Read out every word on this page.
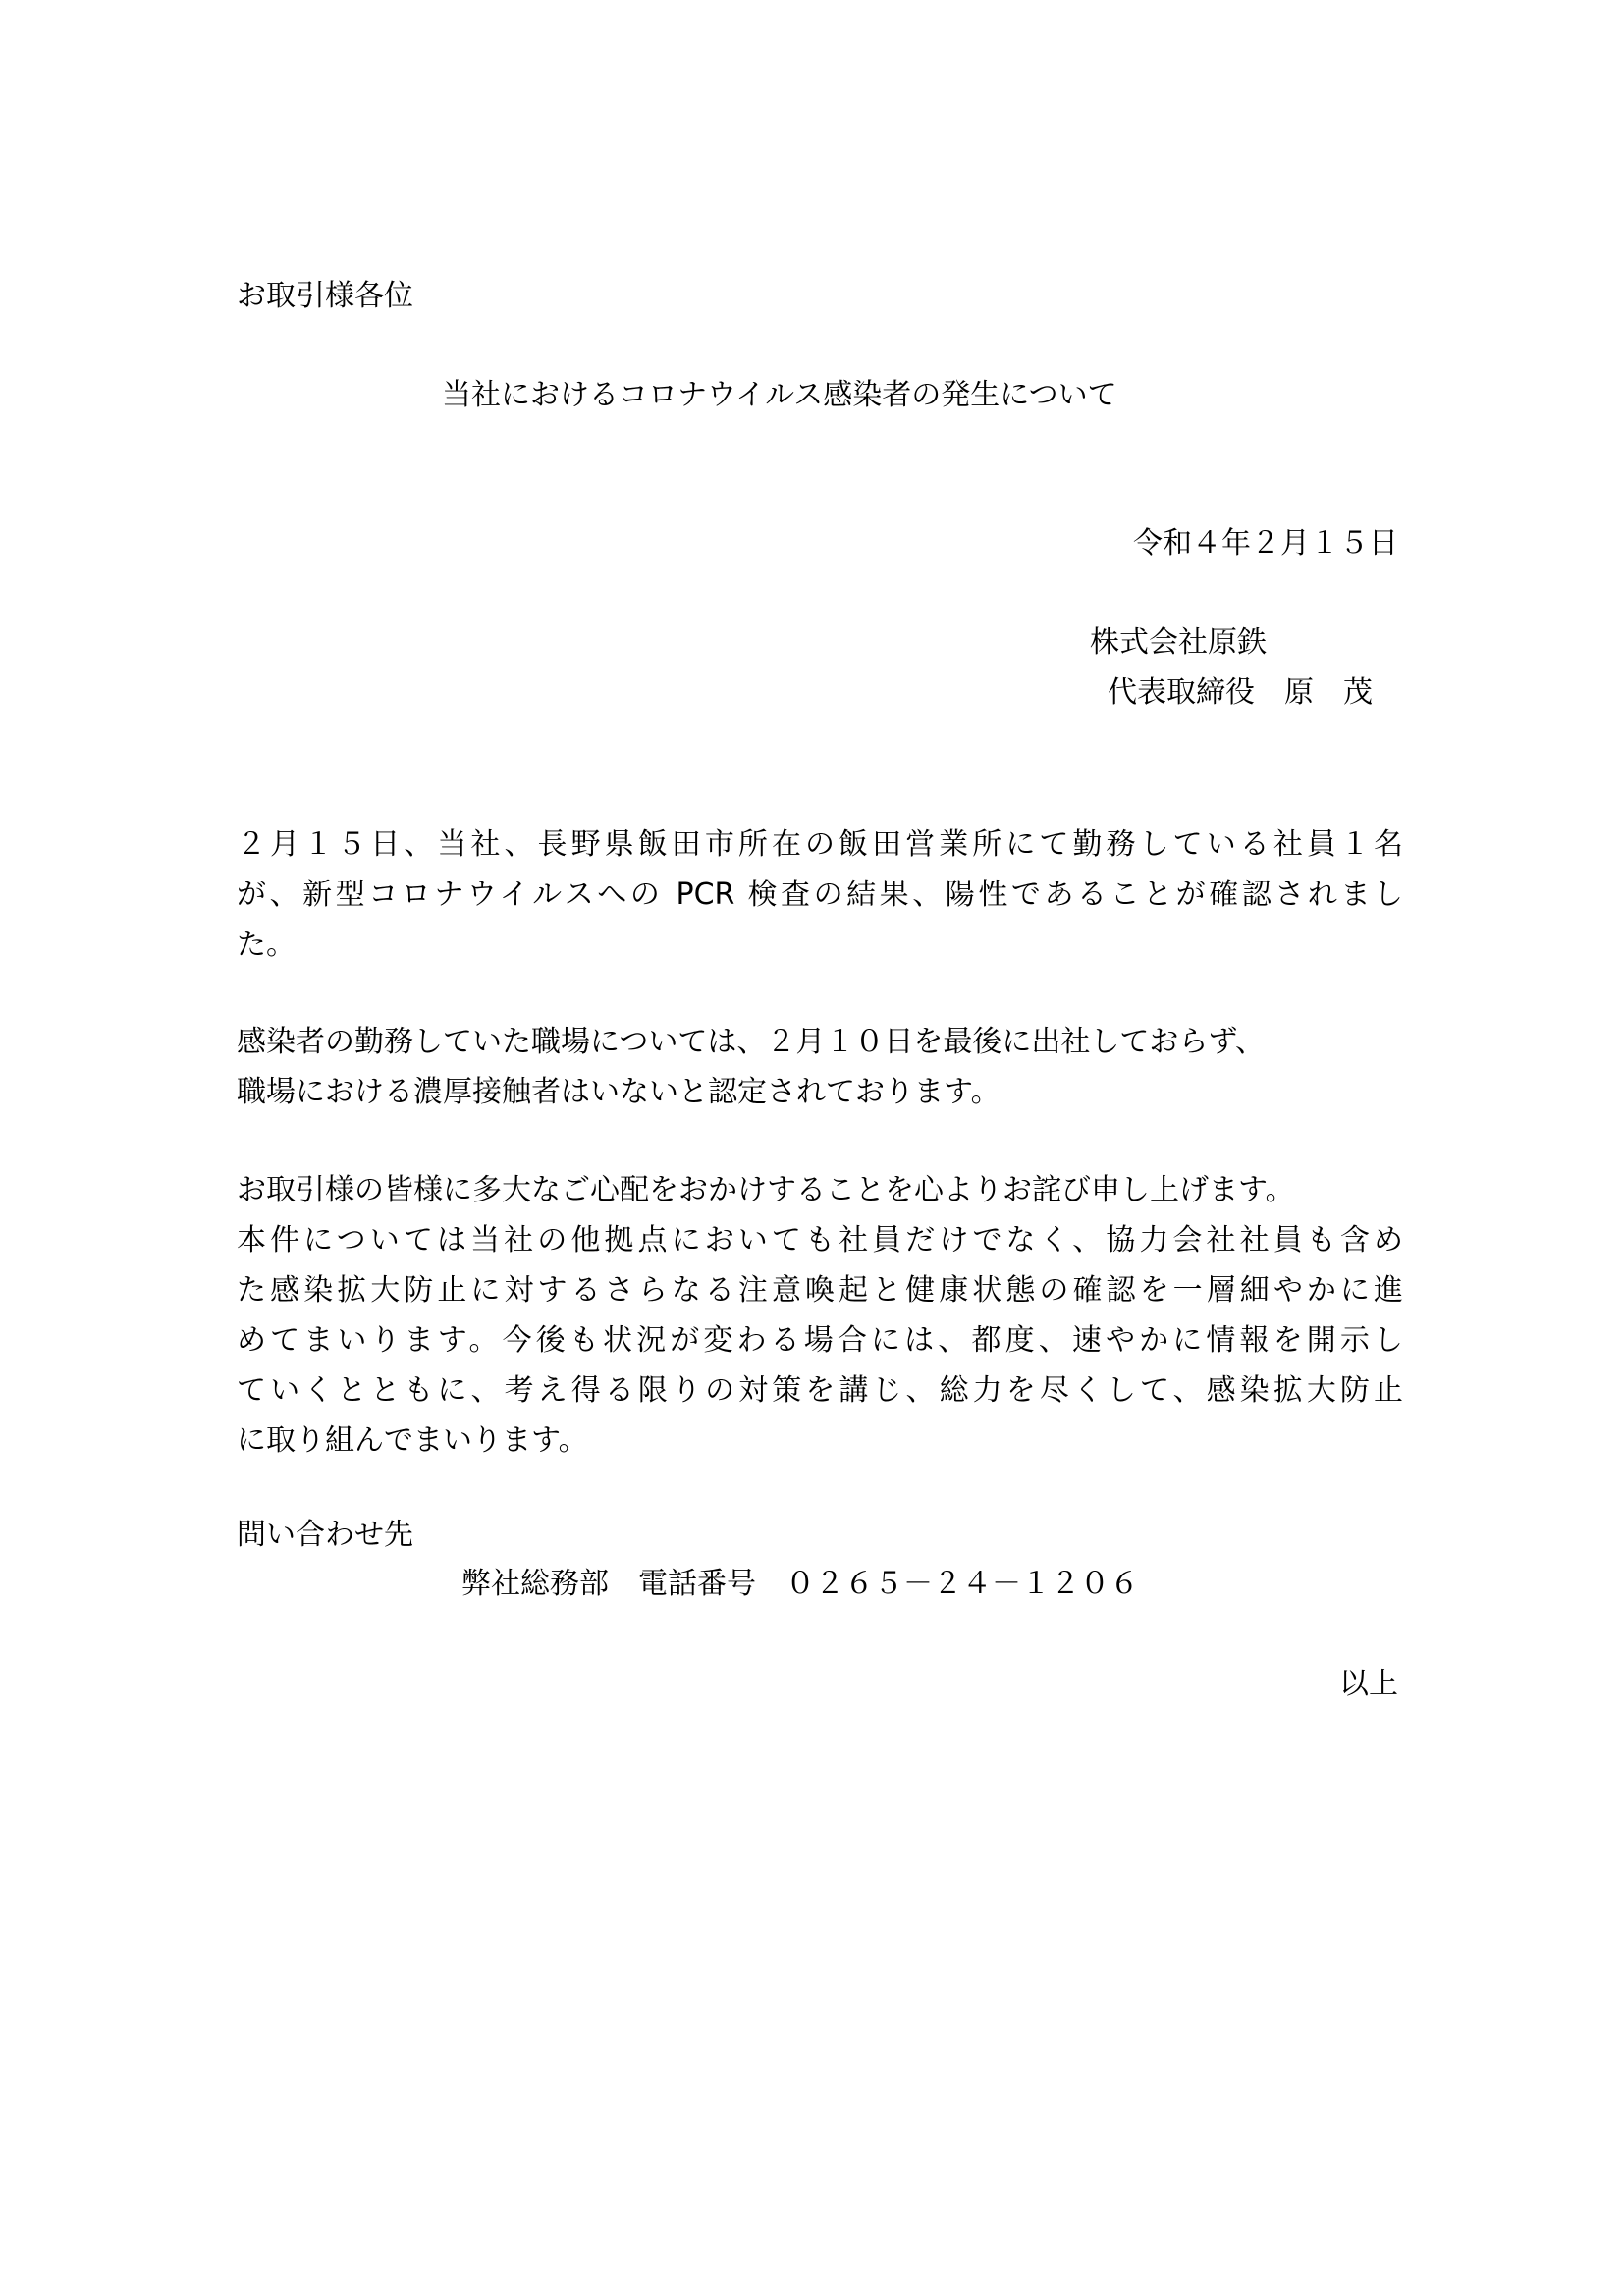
お取引様各位
当社におけるコロナウイルス感染者の発生について
令和４年２月１５日
株式会社原鉄
代表取締役　原　茂
２月１５日、当社、長野県飯田市所在の飯田営業所にて勤務している社員１名
が、新型コロナウイルスへの PCR 検査の結果、陽性であることが確認されまし
た。
感染者の勤務していた職場については、２月１０日を最後に出社しておらず、
職場における濃厚接触者はいないと認定されております。
お取引様の皆様に多大なご心配をおかけすることを心よりお詫び申し上げます。
本件については当社の他拠点においても社員だけでなく、協力会社社員も含め
た感染拡大防止に対するさらなる注意喚起と健康状態の確認を一層細やかに進
めてまいります。今後も状況が変わる場合には、都度、速やかに情報を開示し
ていくとともに、考え得る限りの対策を講じ、総力を尽くして、感染拡大防止
に取り組んでまいります。
問い合わせ先
弊社総務部　電話番号　０２６５－２４－１２０６
以上
